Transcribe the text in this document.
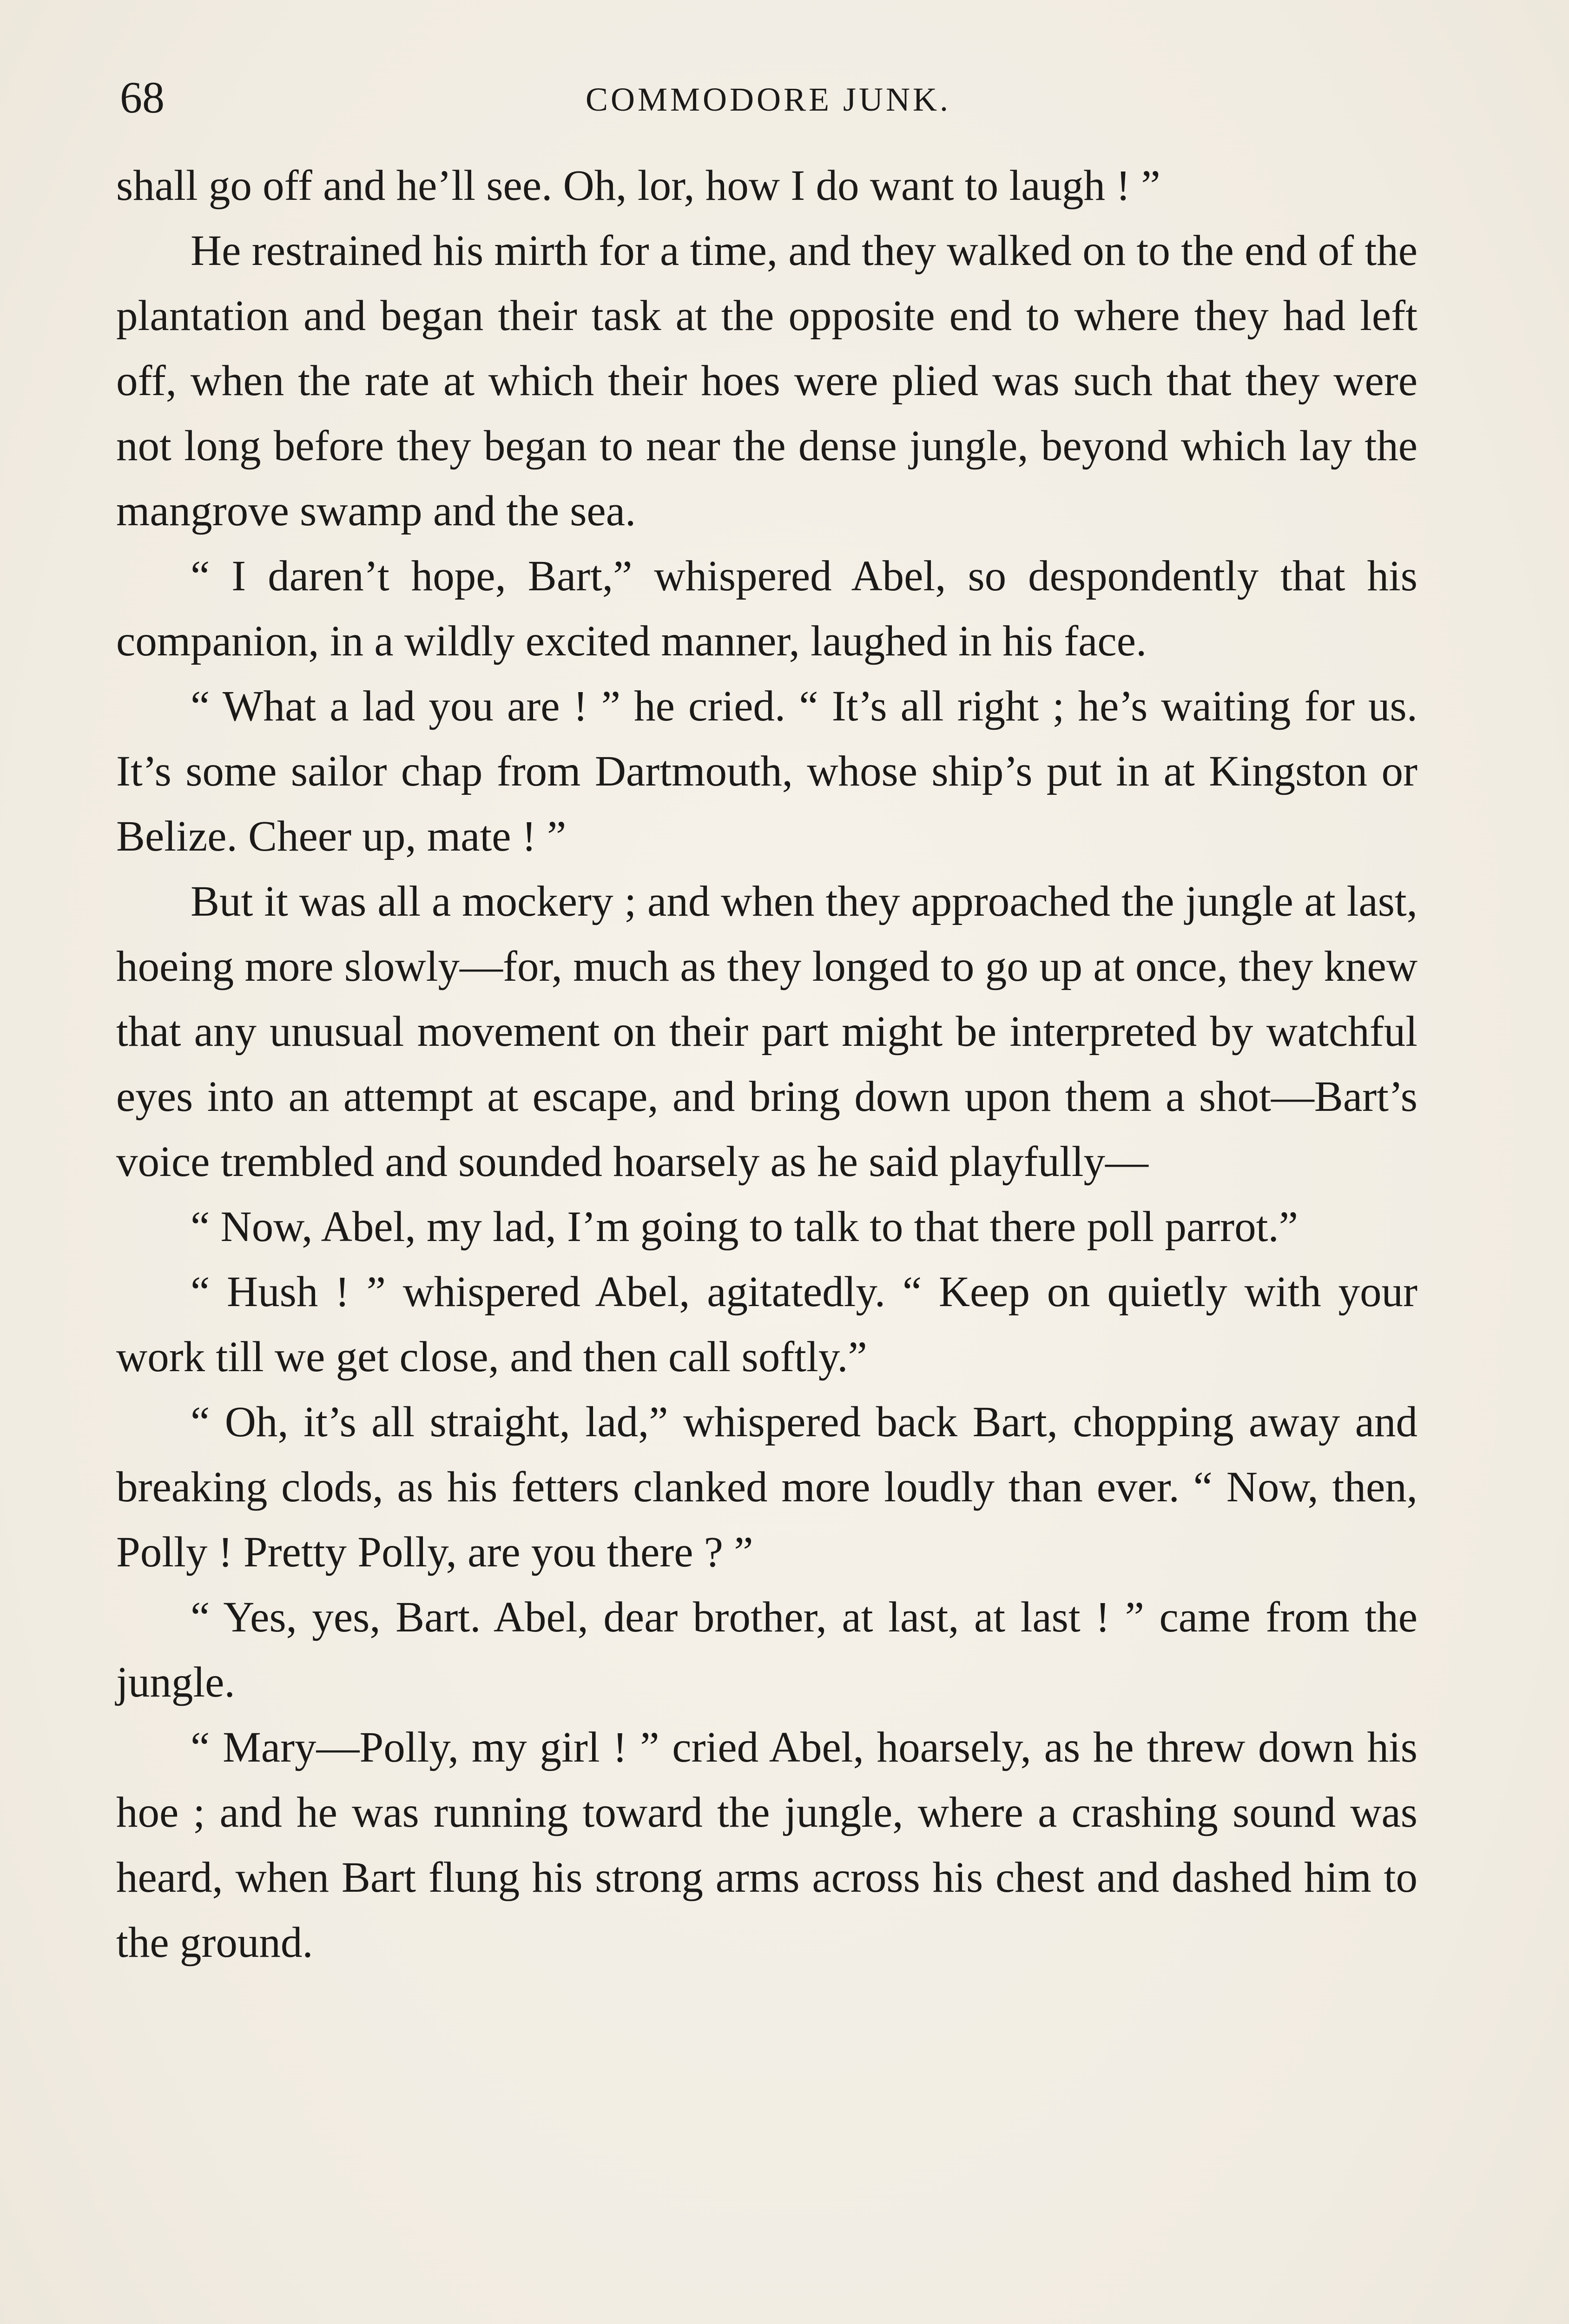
68	COMMODORE JUNK.

shall go off and he’ll see. Oh, lor, how I do want to laugh ! ”

He restrained his mirth for a time, and they walked on to the end of the plantation and began their task at the opposite end to where they had left off, when the rate at which their hoes were plied was such that they were not long before they began to near the dense jungle, beyond which lay the mangrove swamp and the sea.

“ I daren’t hope, Bart,” whispered Abel, so despondently that his companion, in a wildly excited manner, laughed in his face.

“ What a lad you are ! ” he cried. “ It’s all right ; he’s waiting for us. It’s some sailor chap from Dartmouth, whose ship’s put in at Kingston or Belize. Cheer up, mate ! ”

But it was all a mockery ; and when they approached the jungle at last, hoeing more slowly—for, much as they longed to go up at once, they knew that any unusual movement on their part might be interpreted by watchful eyes into an attempt at escape, and bring down upon them a shot—Bart’s voice trembled and sounded hoarsely as he said playfully—

“ Now, Abel, my lad, I’m going to talk to that there poll parrot.”

“ Hush ! ” whispered Abel, agitatedly. “ Keep on quietly with your work till we get close, and then call softly.”

“ Oh, it’s all straight, lad,” whispered back Bart, chopping away and breaking clods, as his fetters clanked more loudly than ever. “ Now, then, Polly ! Pretty Polly, are you there ? ”

“ Yes, yes, Bart. Abel, dear brother, at last, at last ! ” came from the jungle.

“ Mary—Polly, my girl ! ” cried Abel, hoarsely, as he threw down his hoe ; and he was running toward the jungle, where a crashing sound was heard, when Bart flung his strong arms across his chest and dashed him to the ground.
